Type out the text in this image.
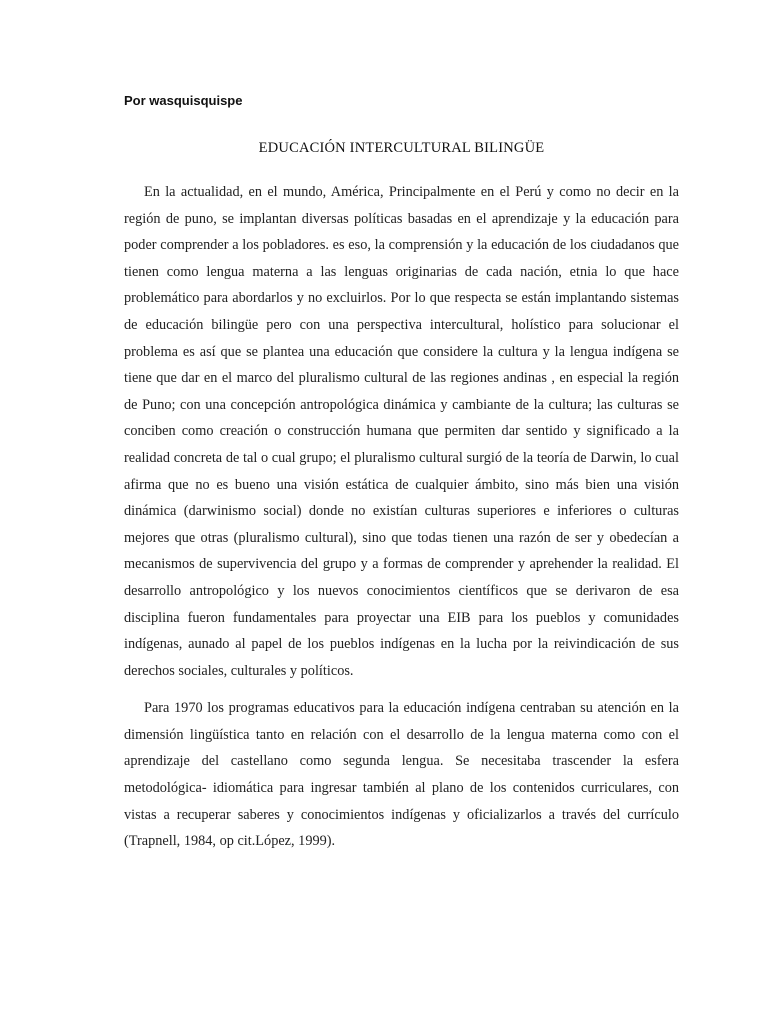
Por wasquisquispe
EDUCACIÓN INTERCULTURAL BILINGÜE

En la actualidad, en el mundo, América, Principalmente en el Perú y como no decir en la región de puno, se implantan diversas políticas basadas en el aprendizaje y la educación para poder comprender a los pobladores. es eso, la comprensión y la educación de los ciudadanos que tienen como lengua materna a las lenguas originarias de cada nación, etnia lo que hace problemático para abordarlos y no excluirlos. Por lo que respecta se están implantando sistemas de educación bilingüe pero con una perspectiva intercultural, holístico para solucionar el problema es así que se plantea una educación que considere la cultura y la lengua indígena se tiene que dar en el marco del pluralismo cultural de las regiones andinas , en especial la región de Puno; con una concepción antropológica dinámica y cambiante de la cultura; las culturas se conciben como creación o construcción humana que permiten dar sentido y significado a la realidad concreta de tal o cual grupo; el pluralismo cultural surgió de la teoría de Darwin, lo cual afirma que no es bueno una visión estática de cualquier ámbito, sino más bien una visión dinámica (darwinismo social) donde no existían culturas superiores e inferiores o culturas mejores que otras (pluralismo cultural), sino que todas tienen una razón de ser y obedecían a mecanismos de supervivencia del grupo y a formas de comprender y aprehender la realidad. El desarrollo antropológico y los nuevos conocimientos científicos que se derivaron de esa disciplina fueron fundamentales para proyectar una EIB para los pueblos y comunidades indígenas, aunado al papel de los pueblos indígenas en la lucha por la reivindicación de sus derechos sociales, culturales y políticos.

Para 1970 los programas educativos para la educación indígena centraban su atención en la dimensión lingüística tanto en relación con el desarrollo de la lengua materna como con el aprendizaje del castellano como segunda lengua. Se necesitaba trascender la esfera metodológica- idiomática para ingresar también al plano de los contenidos curriculares, con vistas a recuperar saberes y conocimientos indígenas y oficializarlos a través del currículo (Trapnell, 1984, op cit.López, 1999).
